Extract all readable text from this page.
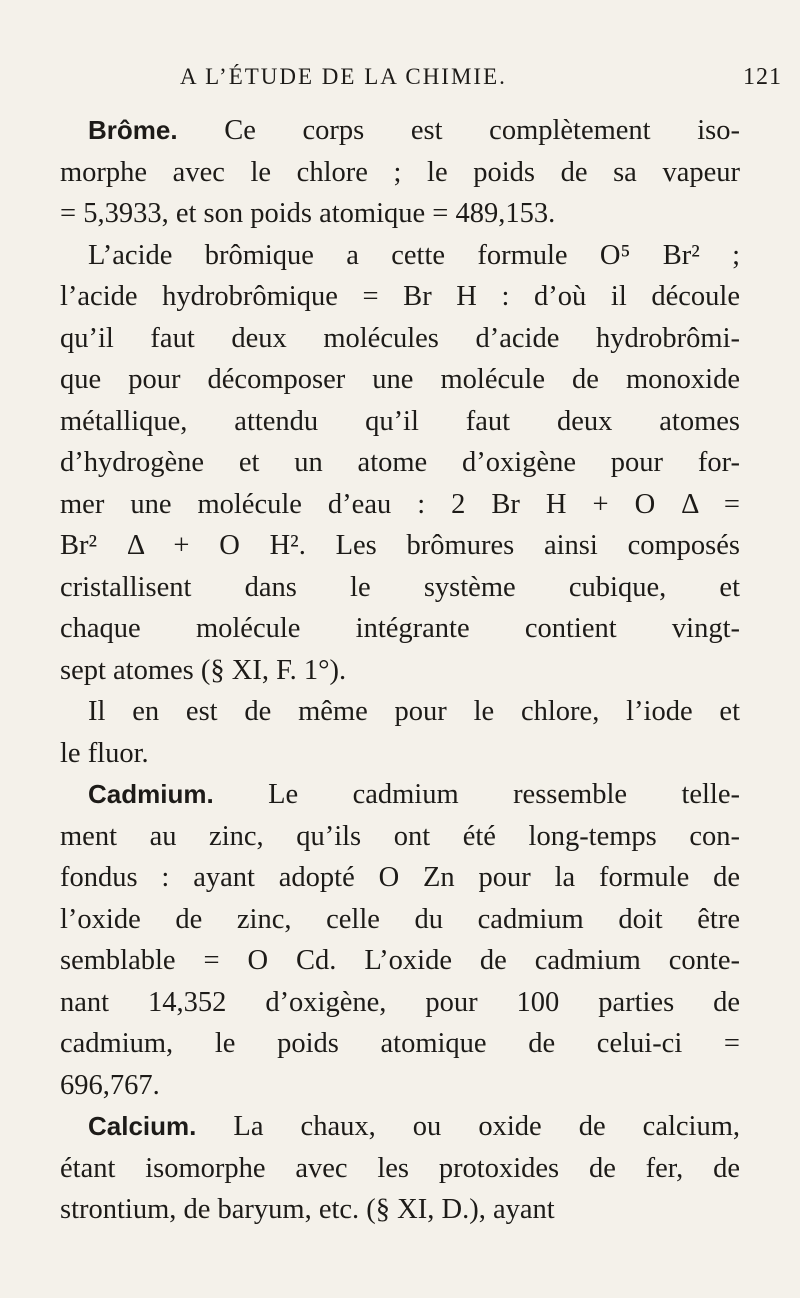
A L’ÉTUDE DE LA CHIMIE.	121

Brôme. Ce corps est complètement iso-
morphe avec le chlore ; le poids de sa vapeur
= 5,3933, et son poids atomique = 489,153.

L’acide brômique a cette formule O⁵ Br² ;
l’acide hydrobrômique = Br H : d’où il découle
qu’il faut deux molécules d’acide hydrobrômi-
que pour décomposer une molécule de monoxide
métallique, attendu qu’il faut deux atomes
d’hydrogène et un atome d’oxigène pour for-
mer une molécule d’eau : 2 Br H + O Δ =
Br² Δ + O H². Les brômures ainsi composés
cristallisent dans le système cubique, et
chaque molécule intégrante contient vingt-
sept atomes (§ XI, F. 1°).

Il en est de même pour le chlore, l’iode et
le fluor.

Cadmium. Le cadmium ressemble telle-
ment au zinc, qu’ils ont été long-temps con-
fondus : ayant adopté O Zn pour la formule de
l’oxide de zinc, celle du cadmium doit être
semblable = O Cd. L’oxide de cadmium conte-
nant 14,352 d’oxigène, pour 100 parties de
cadmium, le poids atomique de celui-ci =
696,767.

Calcium. La chaux, ou oxide de calcium,
étant isomorphe avec les protoxides de fer, de
strontium, de baryum, etc. (§ XI, D.), ayant
